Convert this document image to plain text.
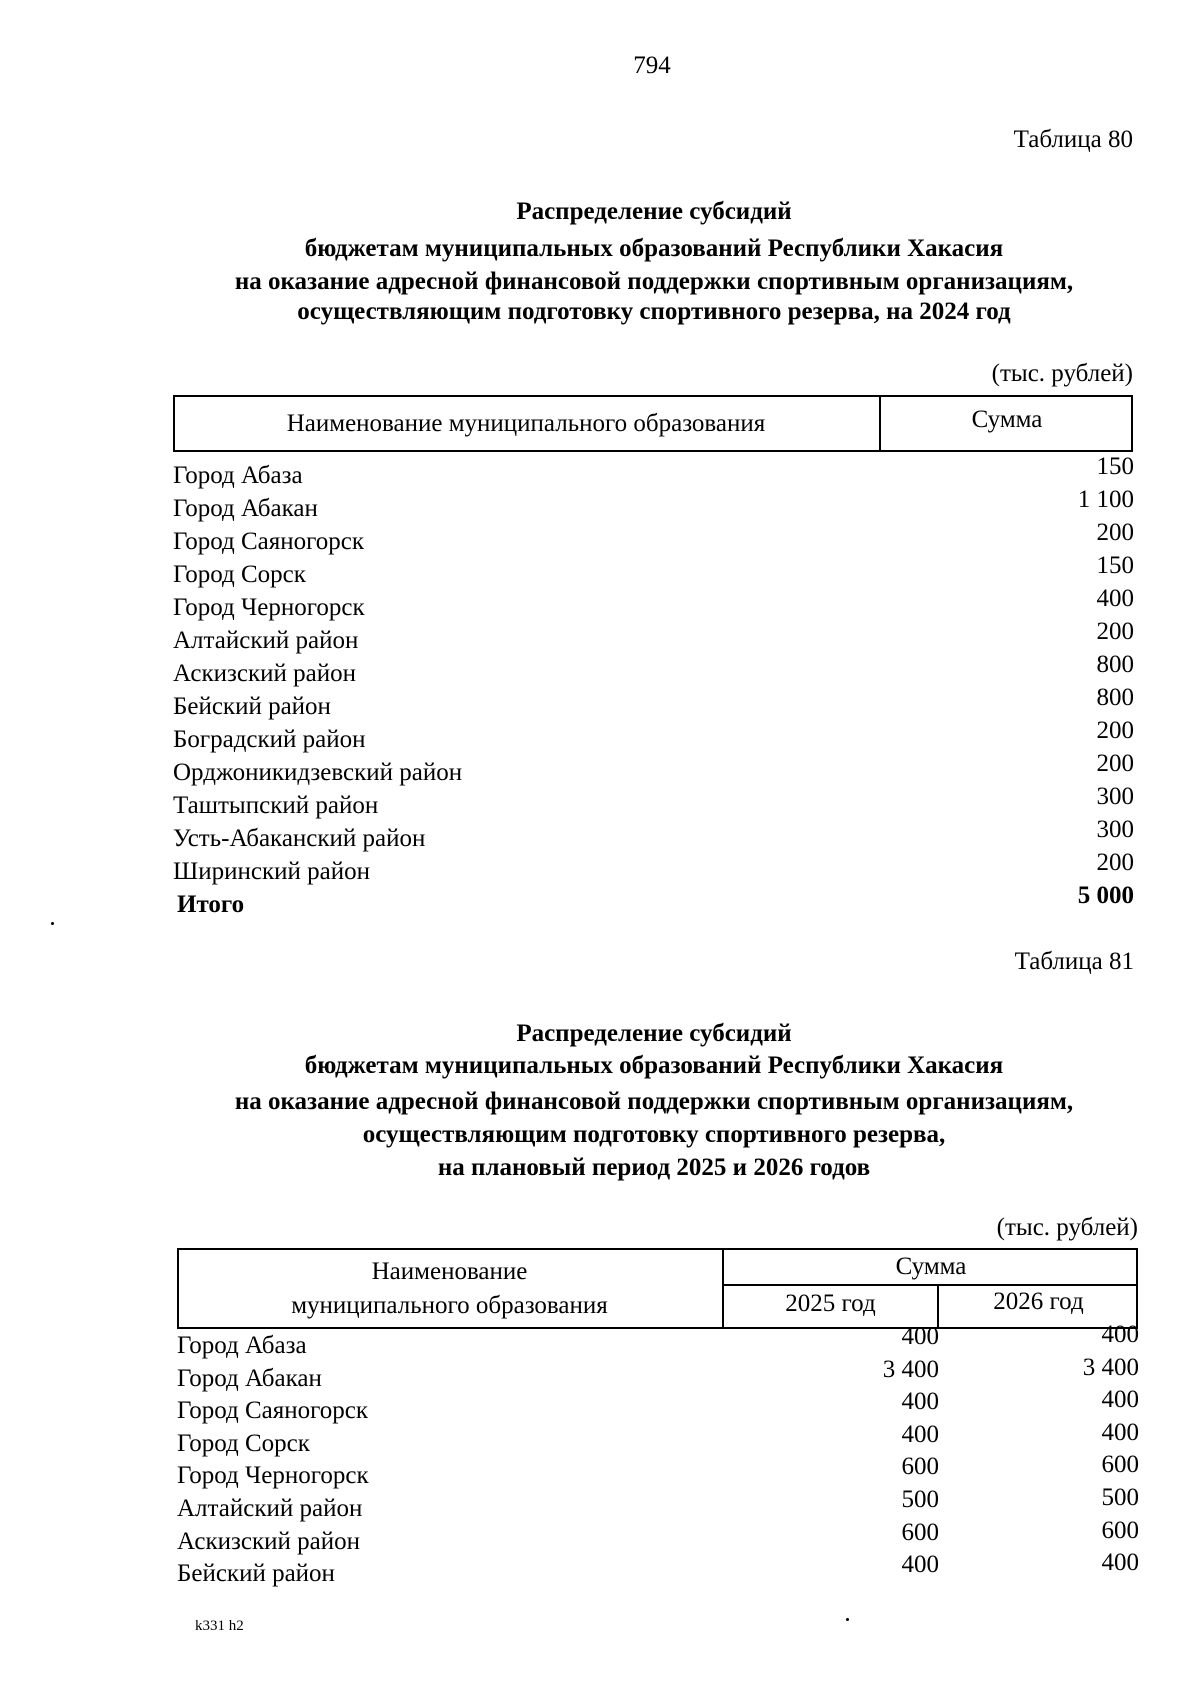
794
Таблица 80
Распределение субсидий
бюджетам муниципальных образований Республики Хакасия
на оказание адресной финансовой поддержки спортивным организациям,
осуществляющим подготовку спортивного резерва, на 2024 год
(тыс. рублей)
Наименование муниципального образования	Сумма
Город Абаза	150
Город Абакан	1 100
Город Саяногорск	200
Город Сорск	150
Город Черногорск	400
Алтайский район	200
Аскизский район	800
Бейский район	800
Боградский район	200
Орджоникидзевский район	200
Таштыпский район	300
Усть-Абаканский район	300
Ширинский район	200
Итого	5 000
Таблица 81
Распределение субсидий
бюджетам муниципальных образований Республики Хакасия
на оказание адресной финансовой поддержки спортивным организациям,
осуществляющим подготовку спортивного резерва,
на плановый период 2025 и 2026 годов
(тыс. рублей)
Наименование
муниципального образования
Сумма
2025 год	2026 год
Город Абаза	400	400
Город Абакан	3 400	3 400
Город Саяногорск	400	400
Город Сорск	400	400
Город Черногорск	600	600
Алтайский район	500	500
Аскизский район	600	600
Бейский район	400	400
k331 h2
